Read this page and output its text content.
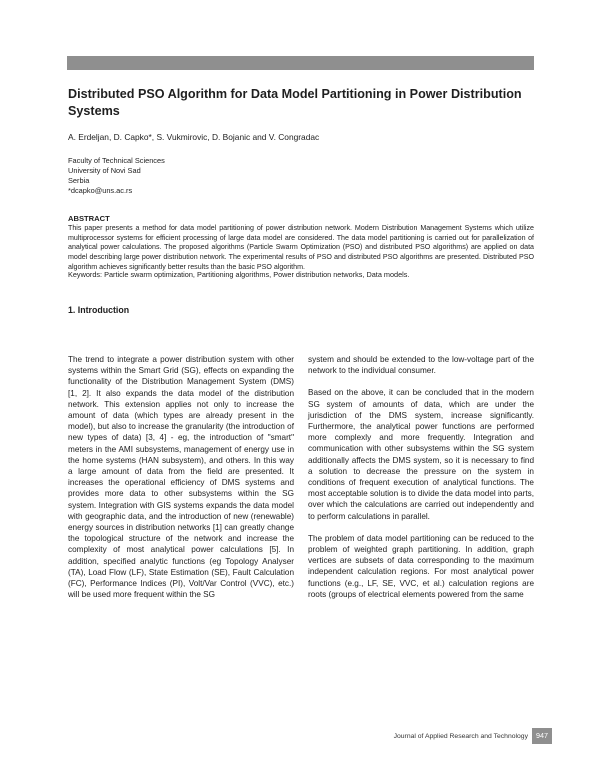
Distributed PSO Algorithm for Data Model Partitioning in Power Distribution Systems
A. Erdeljan, D. Capko*, S. Vukmirovic, D. Bojanic and V. Congradac
Faculty of Technical Sciences
University of Novi Sad
Serbia
*dcapko@uns.ac.rs
ABSTRACT
This paper presents a method for data model partitioning of power distribution network. Modern Distribution Management Systems which utilize multiprocessor systems for efficient processing of large data model are considered. The data model partitioning is carried out for parallelization of analytical power calculations. The proposed algorithms (Particle Swarm Optimization (PSO) and distributed PSO algorithms) are applied on data model describing large power distribution network. The experimental results of PSO and distributed PSO algorithms are presented. Distributed PSO algorithm achieves significantly better results than the basic PSO algorithm.
Keywords: Particle swarm optimization, Partitioning algorithms, Power distribution networks, Data models.
1. Introduction

The trend to integrate a power distribution system with other systems within the Smart Grid (SG), effects on expanding the functionality of the Distribution Management System (DMS) [1, 2]. It also expands the data model of the distribution network. This extension applies not only to increase the amount of data (which types are already present in the model), but also to increase the granularity (the introduction of new types of data) [3, 4] - eg, the introduction of "smart" meters in the AMI subsystems, management of energy use in the home systems (HAN subsystem), and others. In this way a large amount of data from the field are presented. It increases the operational efficiency of DMS systems and provides more data to other subsystems within the SG system. Integration with GIS systems expands the data model with geographic data, and the introduction of new (renewable) energy sources in distribution networks [1] can greatly change the topological structure of the network and increase the complexity of most analytical power calculations [5]. In addition, specified analytic functions (eg Topology Analyser (TA), Load Flow (LF), State Estimation (SE), Fault Calculation (FC), Performance Indices (PI), Volt/Var Control (VVC), etc.) will be used more frequent within the SG

system and should be extended to the low-voltage part of the network to the individual consumer.

Based on the above, it can be concluded that in the modern SG system of amounts of data, which are under the jurisdiction of the DMS system, increase significantly. Furthermore, the analytical power functions are performed more complexly and more frequently. Integration and communication with other subsystems within the SG system additionally affects the DMS system, so it is necessary to find a solution to decrease the pressure on the system in conditions of frequent execution of analytical functions. The most acceptable solution is to divide the data model into parts, over which the calculations are carried out independently and to perform calculations in parallel.

The problem of data model partitioning can be reduced to the problem of weighted graph partitioning. In addition, graph vertices are subsets of data corresponding to the maximum independent calculation regions. For most analytical power functions (e.g., LF, SE, VVC, et al.) calculation regions are roots (groups of electrical elements powered from the same

Journal of Applied Research and Technology	947
